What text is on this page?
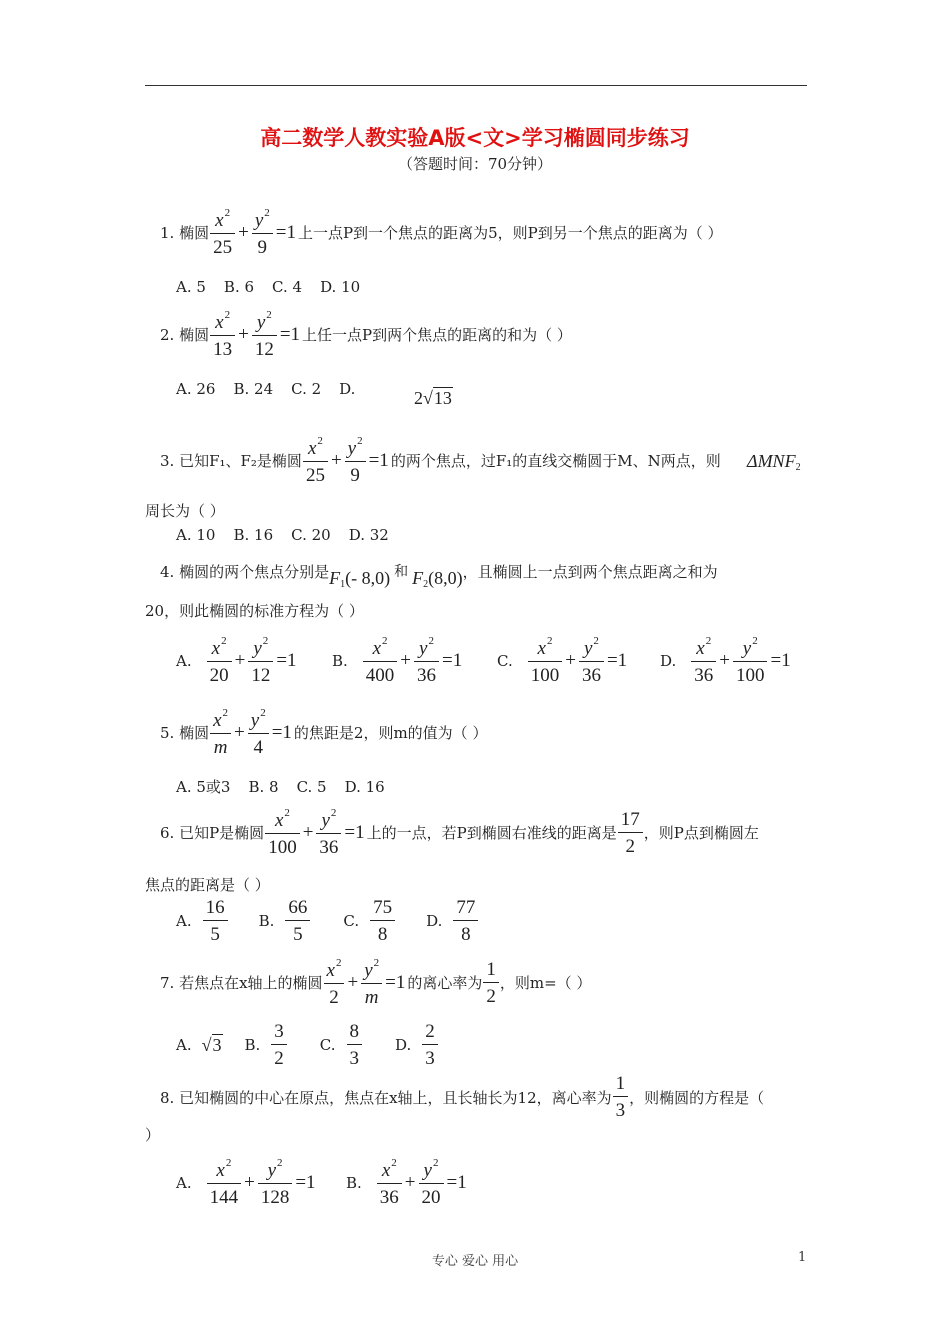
高二数学人教实验A版<文>学习椭圆同步练习
（答题时间：70分钟）
1. 椭圆 $\frac{x^2}{25} + \frac{y^2}{9} =1$ 上一点P到一个焦点的距离为5，则P到另一个焦点的距离为（ ）
A. 5 B. 6 C. 4 D. 10
2. 椭圆 $\frac{x^2}{13} + \frac{y^2}{12} =1$ 上任一点P到两个焦点的距离的和为（ ）
A. 26 B. 24 C. 2 D.	2√13
3. 已知F₁、F₂是椭圆 $\frac{x^2}{25} + \frac{y^2}{9} =1$ 的两个焦点，过F₁的直线交椭圆于M、N两点，则 $\Delta MNF_2$
周长为（ ）
A. 10 B. 16 C. 20 D. 32
4. 椭圆的两个焦点分别是 $F_1(-$ 8,0) 和 $F_2(8,0)$ ，且椭圆上一点到两个焦点距离之和为
20，则此椭圆的标准方程为（ ）
A. $\frac{x^2}{20} + \frac{y^2}{12} =1$ B. $\frac{x^2}{400} + \frac{y^2}{36} =1$ C. $\frac{x^2}{100} + \frac{y^2}{36} =1$ D. $\frac{x^2}{36} + \frac{y^2}{100} =1$
5. 椭圆 $\frac{x^2}{m} + \frac{y^2}{4} =1$ 的焦距是2，则m的值为（ ）
A. 5或3 B. 8 C. 5 D. 16
6. 已知P是椭圆 $\frac{x^2}{100} + \frac{y^2}{36} =1$ 上的一点，若P到椭圆右准线的距离是 $\frac{17}{2}$ ，则P点到椭圆左
焦点的距离是（ ）
A. $\frac{16}{5} B$. $\frac{66}{5} C$. $\frac{75}{8} D$. $\frac{77}{8}$
7. 若焦点在x轴上的椭圆 $\frac{x^2}{2} + \frac{y^2}{m} =1$ 的离心率为 $\frac{1}{2}$ ，则m=（ ）
A. √3 B. $\frac{3}{2} C$. $\frac{8}{3} D$. $\frac{2}{3}$
8. 已知椭圆的中心在原点，焦点在x轴上，且长轴长为12，离心率为 $\frac{1}{3}$ ，则椭圆的方程是（
）
A. $\frac{x^2}{144} + \frac{y^2}{128} =1$ B. $\frac{x^2}{36} + \frac{y^2}{20} =1$
专心 爱心 用心	1
